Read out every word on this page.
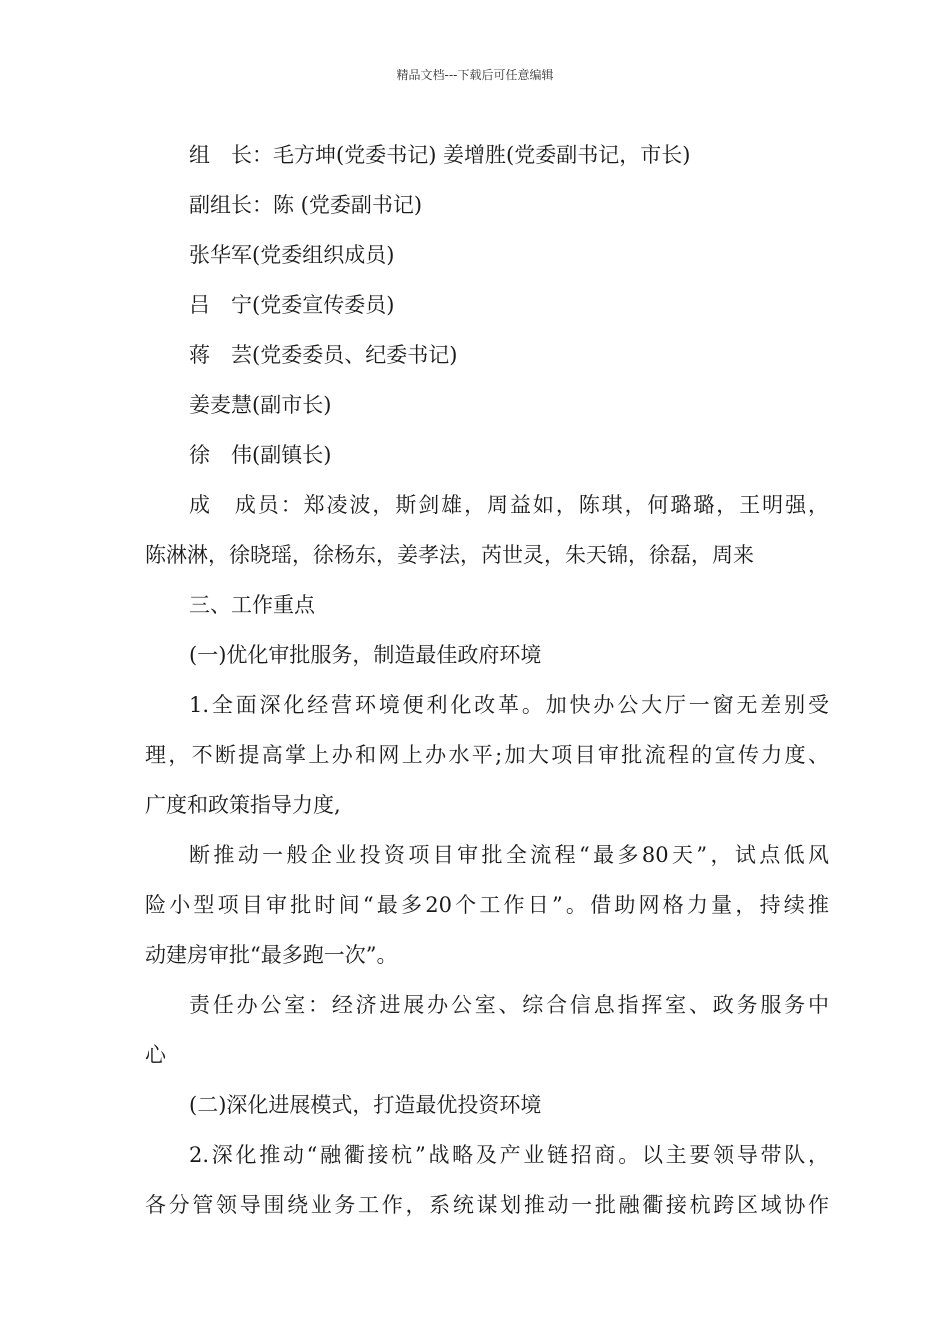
精品文档---下载后可任意编辑
组　长：毛方坤(党委书记) 姜增胜(党委副书记，市长)
副组长：陈 (党委副书记)
张华军(党委组织成员)
吕　宁(党委宣传委员)
蒋　芸(党委委员、纪委书记)
姜麦慧(副市长)
徐　伟(副镇长)
成　成员：郑凌波，斯剑雄，周益如，陈琪，何璐璐，王明强，
陈淋淋，徐晓瑶，徐杨东，姜孝法，芮世灵，朱天锦，徐磊，周来
三、工作重点
(一)优化审批服务，制造最佳政府环境
1.全面深化经营环境便利化改革。加快办公大厅一窗无差别受
理，不断提高掌上办和网上办水平;加大项目审批流程的宣传力度、
广度和政策指导力度,
断推动一般企业投资项目审批全流程“最多80天”，试点低风
险小型项目审批时间“最多20个工作日”。借助网格力量，持续推
动建房审批“最多跑一次”。
责任办公室：经济进展办公室、综合信息指挥室、政务服务中
心
(二)深化进展模式，打造最优投资环境
2.深化推动“融衢接杭”战略及产业链招商。以主要领导带队，
各分管领导围绕业务工作，系统谋划推动一批融衢接杭跨区域协作
